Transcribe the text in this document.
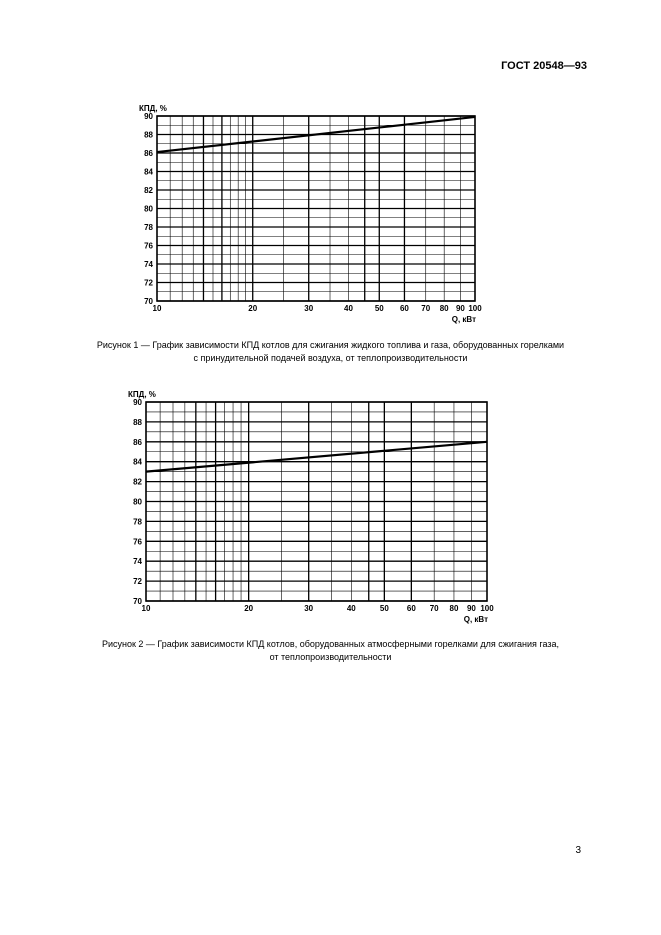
ГОСТ 20548—93
90
88
86
84
82
80
78
76
74
72
70
10	20	30	40	50 60 70 80 90 100
КПД, %
Q, кВт
Рисунок 1 — График зависимости КПД котлов для сжигания жидкого топлива и газа, оборудованных горелками
с принудительной подачей воздуха, от теплопроизводительности
90
88
86
84
82
80
78
76
74
72
70
10	20	30	40	50 60 70 80 90 100
КПД, %
Q, кВт
Рисунок 2 — График зависимости КПД котлов, оборудованных атмосферными горелками для сжигания газа,
от теплопроизводительности
3
